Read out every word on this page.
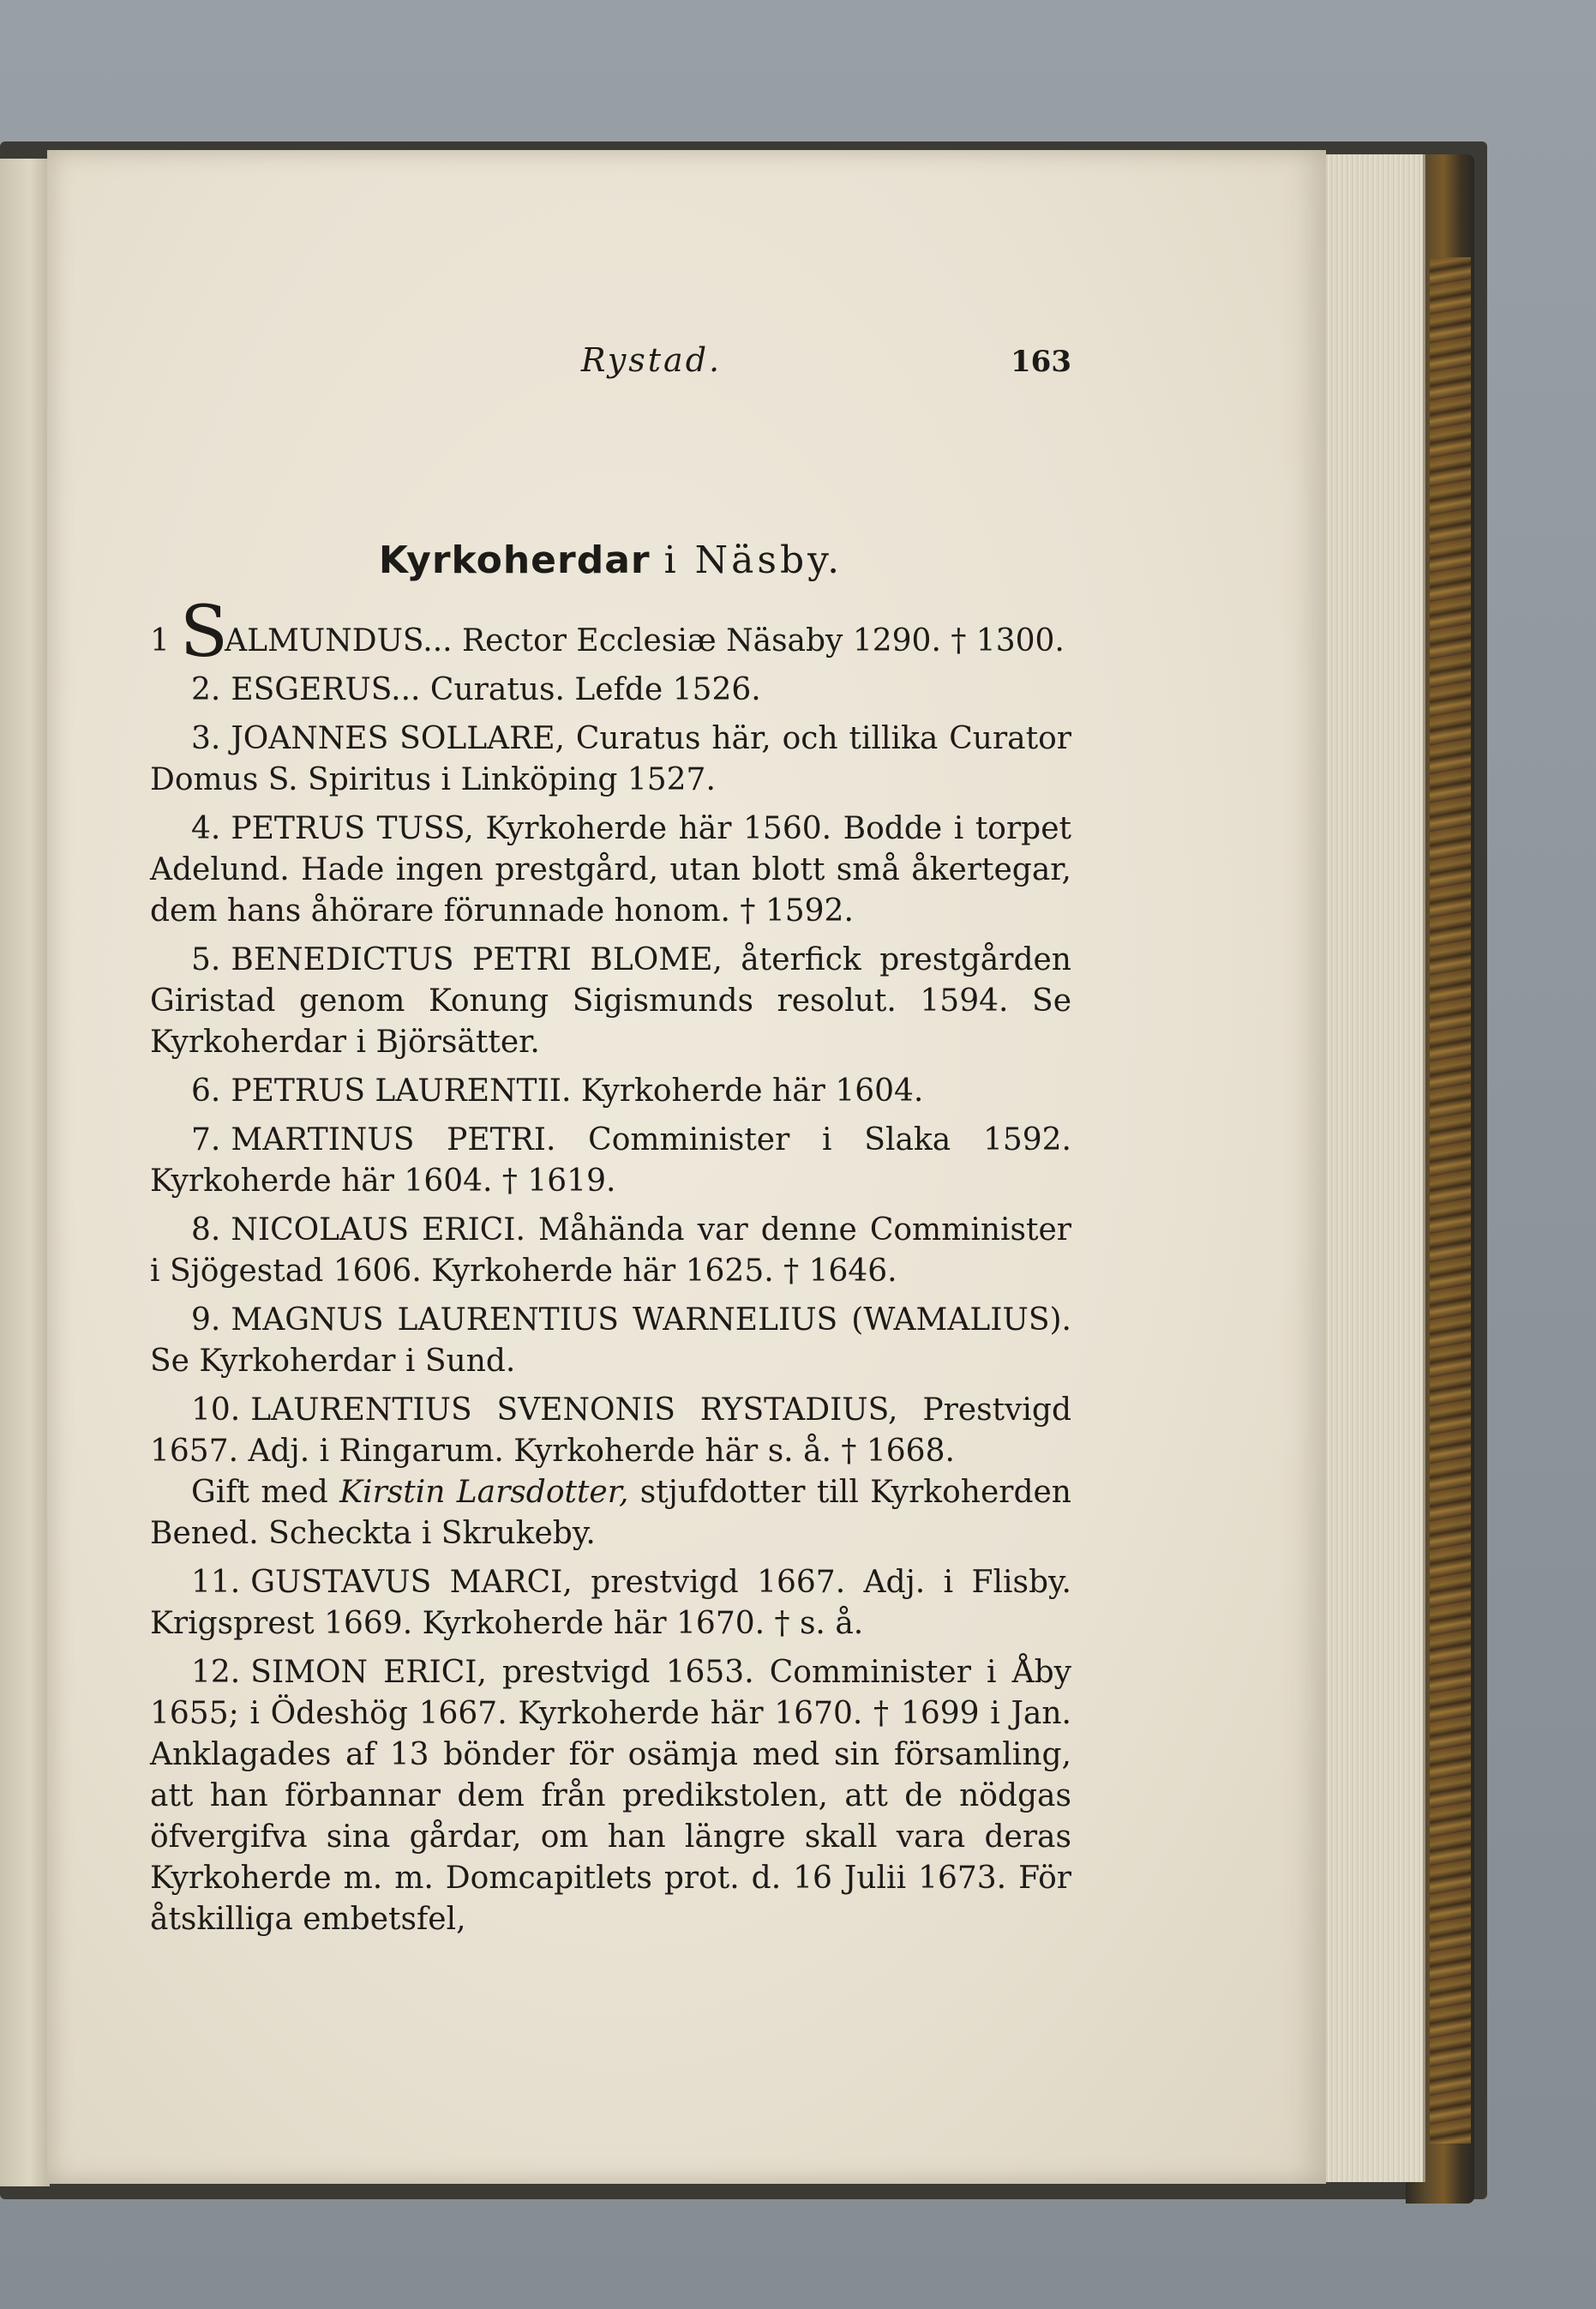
Rystad.	163
Kyrkoherdar i Näsby.

1 SALMUNDUS... Rector Ecclesiæ Näsaby 1290. † 1300.

2. ESGERUS... Curatus. Lefde 1526.

3. JOANNES SOLLARE, Curatus här, och tillika Curator Domus S. Spiritus i Linköping 1527.

4. PETRUS TUSS, Kyrkoherde här 1560. Bodde i torpet Adelund. Hade ingen prestgård, utan blott små åkertegar, dem hans åhörare förunnade honom. † 1592.

5. BENEDICTUS PETRI BLOME, återfick prestgården Giristad genom Konung Sigismunds resolut. 1594. Se Kyrkoherdar i Björsätter.

6. PETRUS LAURENTII. Kyrkoherde här 1604.

7. MARTINUS PETRI. Comminister i Slaka 1592. Kyrkoherde här 1604. † 1619.

8. NICOLAUS ERICI. Måhända var denne Comminister i Sjögestad 1606. Kyrkoherde här 1625. † 1646.

9. MAGNUS LAURENTIUS WARNELIUS (WAMALIUS). Se Kyrkoherdar i Sund.

10. LAURENTIUS SVENONIS RYSTADIUS, Prestvigd 1657. Adj. i Ringarum. Kyrkoherde här s. å. † 1668.

Gift med Kirstin Larsdotter, stjufdotter till Kyrkoherden Bened. Scheckta i Skrukeby.

11. GUSTAVUS MARCI, prestvigd 1667. Adj. i Flisby. Krigsprest 1669. Kyrkoherde här 1670. † s. å.

12. SIMON ERICI, prestvigd 1653. Comminister i Åby 1655; i Ödeshög 1667. Kyrkoherde här 1670. † 1699 i Jan. Anklagades af 13 bönder för osämja med sin församling, att han förbannar dem från predikstolen, att de nödgas öfvergifva sina gårdar, om han längre skall vara deras Kyrkoherde m. m. Domcapitlets prot. d. 16 Julii 1673. För åtskilliga embetsfel,
